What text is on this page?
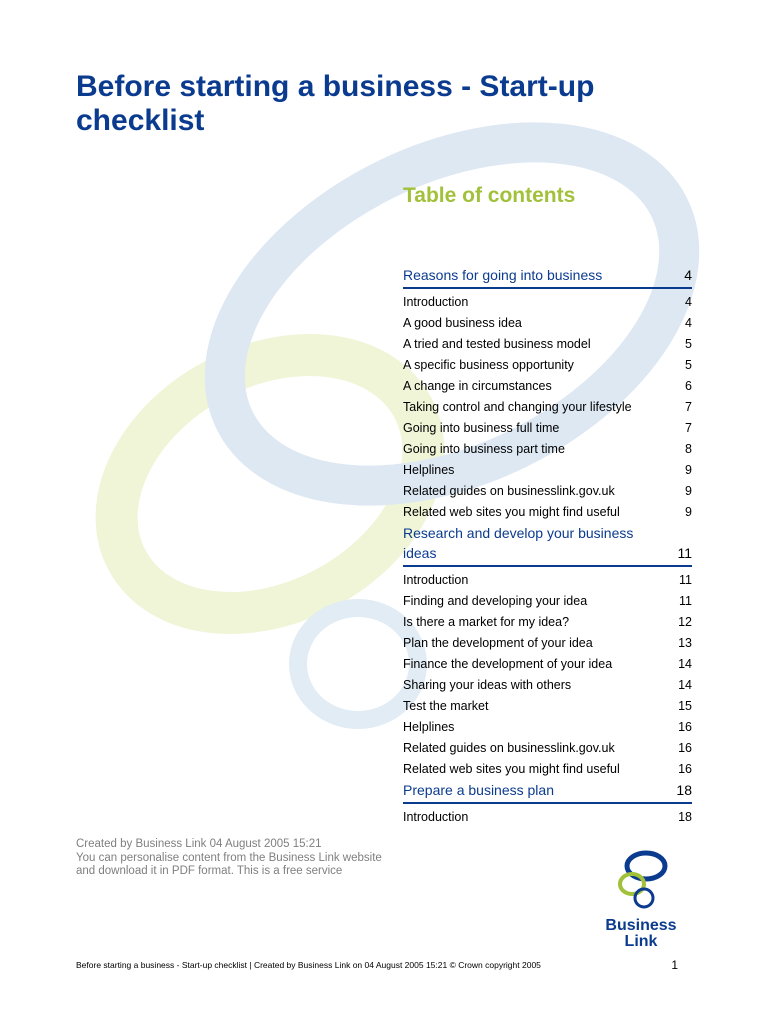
Before starting a business - Start-up checklist
Table of contents
Reasons for going into business	4
Introduction	4
A good business idea	4
A tried and tested business model	5
A specific business opportunity	5
A change in circumstances	6
Taking control and changing your lifestyle	7
Going into business full time	7
Going into business part time	8
Helplines	9
Related guides on businesslink.gov.uk	9
Related web sites you might find useful	9
Research and develop your business ideas	11
Introduction	11
Finding and developing your idea	11
Is there a market for my idea?	12
Plan the development of your idea	13
Finance the development of your idea	14
Sharing your ideas with others	14
Test the market	15
Helplines	16
Related guides on businesslink.gov.uk	16
Related web sites you might find useful	16
Prepare a business plan	18
Introduction	18
Created by Business Link 04 August 2005 15:21
You can personalise content from the Business Link website
and download it in PDF format. This is a free service
Business
Link
Before starting a business - Start-up checklist | Created by Business Link on 04 August 2005 15:21 © Crown copyright 2005	1
